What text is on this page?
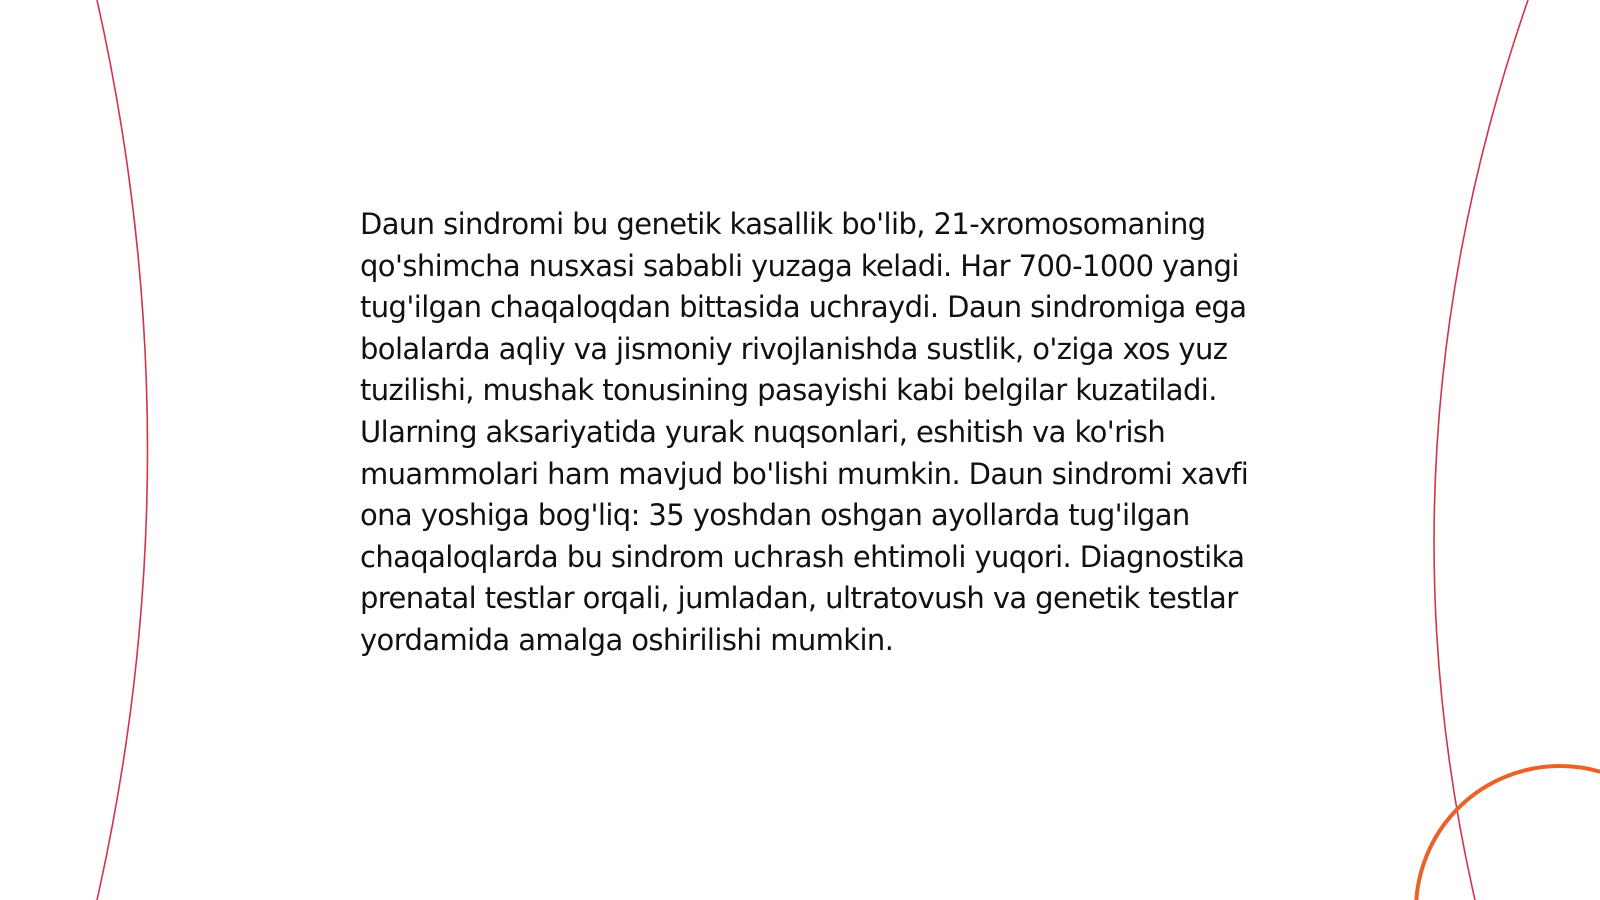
Daun sindromi bu genetik kasallik bo'lib, 21-xromosomaning qo'shimcha nusxasi sababli yuzaga keladi. Har 700-1000 yangi tug'ilgan chaqaloqdan bittasida uchraydi. Daun sindromiga ega bolalarda aqliy va jismoniy rivojlanishda sustlik, o'ziga xos yuz tuzilishi, mushak tonusining pasayishi kabi belgilar kuzatiladi. Ularning aksariyatida yurak nuqsonlari, eshitish va ko'rish muammolari ham mavjud bo'lishi mumkin. Daun sindromi xavfi ona yoshiga bog'liq: 35 yoshdan oshgan ayollarda tug'ilgan chaqaloqlarda bu sindrom uchrash ehtimoli yuqori. Diagnostika prenatal testlar orqali, jumladan, ultratovush va genetik testlar yordamida amalga oshirilishi mumkin.
